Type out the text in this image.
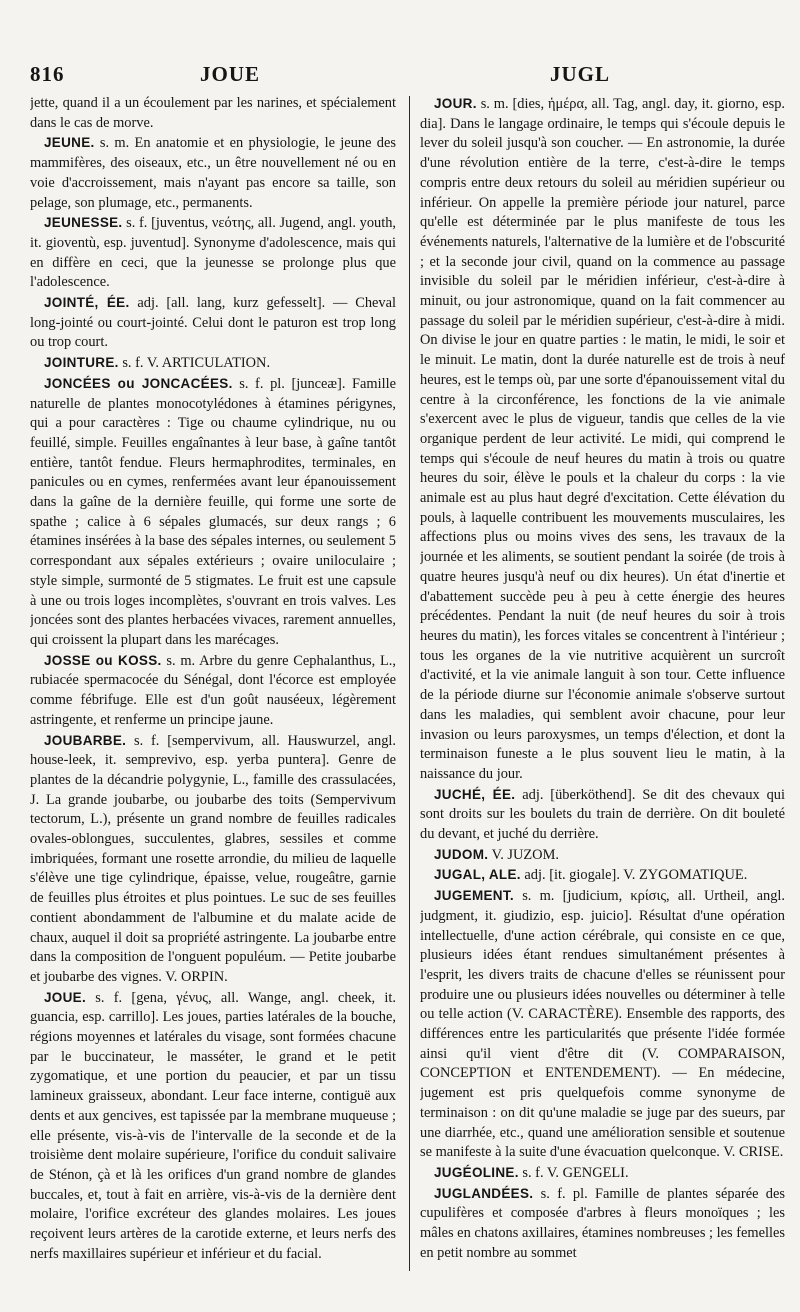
816	JOUE	JUGL

jette, quand il a un écoulement par les narines, et spécialement dans le cas de morve.

JEUNE. s. m. En anatomie et en physiologie, le jeune des mammifères, des oiseaux, etc., un être nouvellement né ou en voie d'accroissement, mais n'ayant pas encore sa taille, son pelage, son plumage, etc., permanents.

JEUNESSE. s. f. [juventus, νεότης, all. Jugend, angl. youth, it. gioventù, esp. juventud]. Synonyme d'adolescence, mais qui en diffère en ceci, que la jeunesse se prolonge plus que l'adolescence.

JOINTÉ, ÉE. adj. [all. lang, kurz gefesselt]. — Cheval long-jointé ou court-jointé. Celui dont le paturon est trop long ou trop court.

JOINTURE. s. f. V. ARTICULATION.

JONCÉES ou JONCACÉES. s. f. pl. [junceæ]. Famille naturelle de plantes monocotylédones à étamines périgynes, qui a pour caractères : Tige ou chaume cylindrique, nu ou feuillé, simple. Feuilles engaînantes à leur base, à gaîne tantôt entière, tantôt fendue. Fleurs hermaphrodites, terminales, en panicules ou en cymes, renfermées avant leur épanouissement dans la gaîne de la dernière feuille, qui forme une sorte de spathe ; calice à 6 sépales glumacés, sur deux rangs ; 6 étamines insérées à la base des sépales internes, ou seulement 5 correspondant aux sépales extérieurs ; ovaire uniloculaire ; style simple, surmonté de 5 stigmates. Le fruit est une capsule à une ou trois loges incomplètes, s'ouvrant en trois valves. Les joncées sont des plantes herbacées vivaces, rarement annuelles, qui croissent la plupart dans les marécages.

JOSSE ou KOSS. s. m. Arbre du genre Cephalanthus, L., rubiacée spermacocée du Sénégal, dont l'écorce est employée comme fébrifuge. Elle est d'un goût nauséeux, légèrement astringente, et renferme un principe jaune.

JOUBARBE. s. f. [sempervivum, all. Hauswurzel, angl. house-leek, it. semprevivo, esp. yerba puntera]. Genre de plantes de la décandrie polygynie, L., famille des crassulacées, J. La grande joubarbe, ou joubarbe des toits (Sempervivum tectorum, L.), présente un grand nombre de feuilles radicales ovales-oblongues, succulentes, glabres, sessiles et comme imbriquées, formant une rosette arrondie, du milieu de laquelle s'élève une tige cylindrique, épaisse, velue, rougeâtre, garnie de feuilles plus étroites et plus pointues. Le suc de ses feuilles contient abondamment de l'albumine et du malate acide de chaux, auquel il doit sa propriété astringente. La joubarbe entre dans la composition de l'onguent populéum. — Petite joubarbe et joubarbe des vignes. V. ORPIN.

JOUE. s. f. [gena, γένυς, all. Wange, angl. cheek, it. guancia, esp. carrillo]. Les joues, parties latérales de la bouche, régions moyennes et latérales du visage, sont formées chacune par le buccinateur, le masséter, le grand et le petit zygomatique, et une portion du peaucier, et par un tissu lamineux graisseux, abondant. Leur face interne, contiguë aux dents et aux gencives, est tapissée par la membrane muqueuse ; elle présente, vis-à-vis de l'intervalle de la seconde et de la troisième dent molaire supérieure, l'orifice du conduit salivaire de Sténon, çà et là les orifices d'un grand nombre de glandes buccales, et, tout à fait en arrière, vis-à-vis de la dernière dent molaire, l'orifice excréteur des glandes molaires. Les joues reçoivent leurs artères de la carotide externe, et leurs nerfs des nerfs maxillaires supérieur et inférieur et du facial.

JOUR. s. m. [dies, ἡμέρα, all. Tag, angl. day, it. giorno, esp. dia]. Dans le langage ordinaire, le temps qui s'écoule depuis le lever du soleil jusqu'à son coucher. — En astronomie, la durée d'une révolution entière de la terre, c'est-à-dire le temps compris entre deux retours du soleil au méridien supérieur ou inférieur. On appelle la première période jour naturel, parce qu'elle est déterminée par le plus manifeste de tous les événements naturels, l'alternative de la lumière et de l'obscurité ; et la seconde jour civil, quand on la commence au passage invisible du soleil par le méridien inférieur, c'est-à-dire à minuit, ou jour astronomique, quand on la fait commencer au passage du soleil par le méridien supérieur, c'est-à-dire à midi. On divise le jour en quatre parties : le matin, le midi, le soir et le minuit. Le matin, dont la durée naturelle est de trois à neuf heures, est le temps où, par une sorte d'épanouissement vital du centre à la circonférence, les fonctions de la vie animale s'exercent avec le plus de vigueur, tandis que celles de la vie organique perdent de leur activité. Le midi, qui comprend le temps qui s'écoule de neuf heures du matin à trois ou quatre heures du soir, élève le pouls et la chaleur du corps : la vie animale est au plus haut degré d'excitation. Cette élévation du pouls, à laquelle contribuent les mouvements musculaires, les affections plus ou moins vives des sens, les travaux de la journée et les aliments, se soutient pendant la soirée (de trois à quatre heures jusqu'à neuf ou dix heures). Un état d'inertie et d'abattement succède peu à peu à cette énergie des heures précédentes. Pendant la nuit (de neuf heures du soir à trois heures du matin), les forces vitales se concentrent à l'intérieur ; tous les organes de la vie nutritive acquièrent un surcroît d'activité, et la vie animale languit à son tour. Cette influence de la période diurne sur l'économie animale s'observe surtout dans les maladies, qui semblent avoir chacune, pour leur invasion ou leurs paroxysmes, un temps d'élection, et dont la terminaison funeste a le plus souvent lieu le matin, à la naissance du jour.

JUCHÉ, ÉE. adj. [überköthend]. Se dit des chevaux qui sont droits sur les boulets du train de derrière. On dit bouleté du devant, et juché du derrière.

JUDOM. V. JUZOM.

JUGAL, ALE. adj. [it. giogale]. V. ZYGOMATIQUE.

JUGEMENT. s. m. [judicium, κρίσις, all. Urtheil, angl. judgment, it. giudizio, esp. juicio]. Résultat d'une opération intellectuelle, d'une action cérébrale, qui consiste en ce que, plusieurs idées étant rendues simultanément présentes à l'esprit, les divers traits de chacune d'elles se réunissent pour produire une ou plusieurs idées nouvelles ou déterminer à telle ou telle action (V. CARACTÈRE). Ensemble des rapports, des différences entre les particularités que présente l'idée formée ainsi qu'il vient d'être dit (V. COMPARAISON, CONCEPTION et ENTENDEMENT). — En médecine, jugement est pris quelquefois comme synonyme de terminaison : on dit qu'une maladie se juge par des sueurs, par une diarrhée, etc., quand une amélioration sensible et soutenue se manifeste à la suite d'une évacuation quelconque. V. CRISE.

JUGÉOLINE. s. f. V. GENGELI.

JUGLANDÉES. s. f. pl. Famille de plantes séparée des cupulifères et composée d'arbres à fleurs monoïques ; les mâles en chatons axillaires, étamines nombreuses ; les femelles en petit nombre au sommet
